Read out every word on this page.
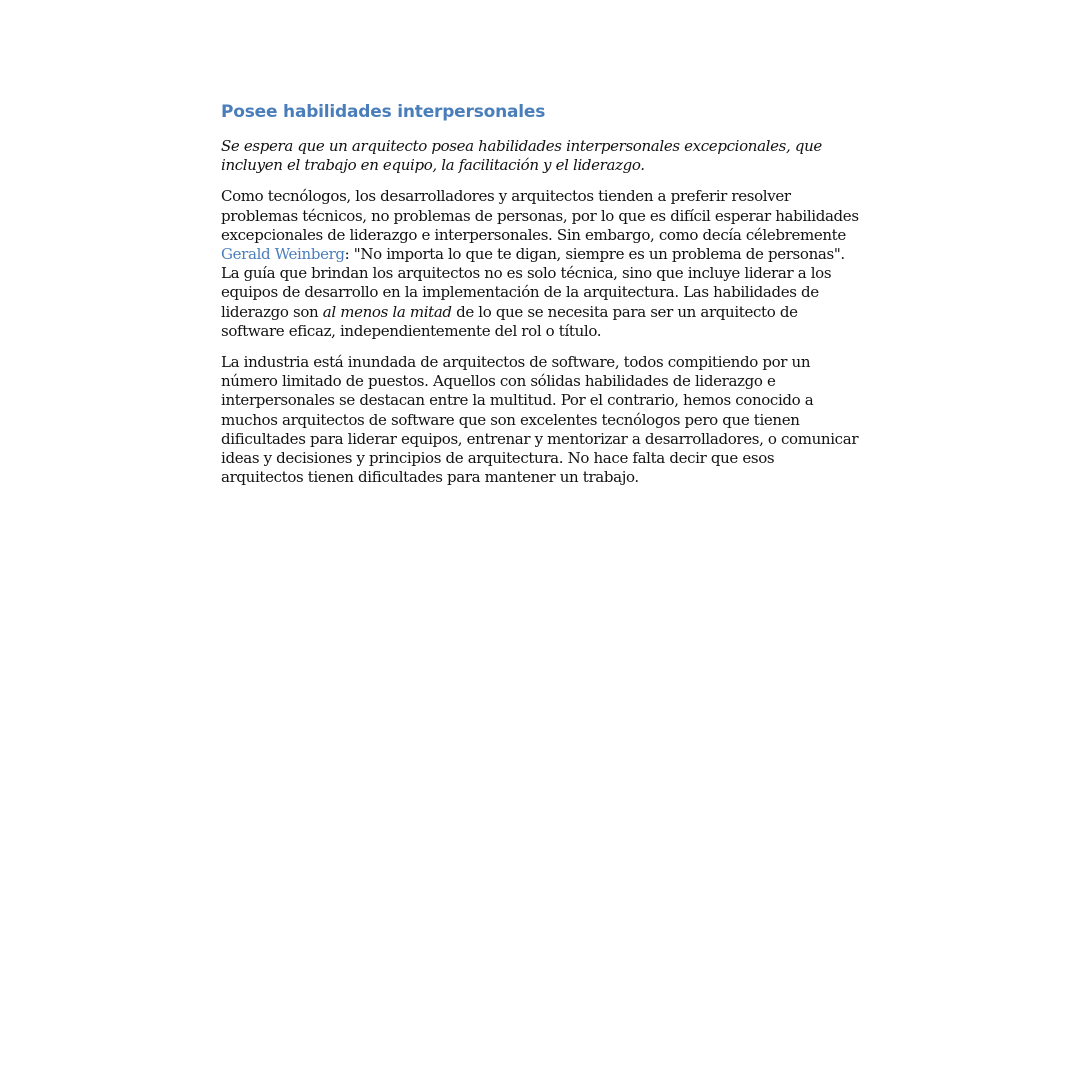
Posee habilidades interpersonales

Se espera que un arquitecto posea habilidades interpersonales excepcionales, que incluyen el trabajo en equipo, la facilitación y el liderazgo.

Como tecnólogos, los desarrolladores y arquitectos tienden a preferir resolver problemas técnicos, no problemas de personas, por lo que es difícil esperar habilidades excepcionales de liderazgo e interpersonales. Sin embargo, como decía célebremente Gerald Weinberg: "No importa lo que te digan, siempre es un problema de personas". La guía que brindan los arquitectos no es solo técnica, sino que incluye liderar a los equipos de desarrollo en la implementación de la arquitectura. Las habilidades de liderazgo son al menos la mitad de lo que se necesita para ser un arquitecto de software eficaz, independientemente del rol o título.

La industria está inundada de arquitectos de software, todos compitiendo por un número limitado de puestos. Aquellos con sólidas habilidades de liderazgo e interpersonales se destacan entre la multitud. Por el contrario, hemos conocido a muchos arquitectos de software que son excelentes tecnólogos pero que tienen dificultades para liderar equipos, entrenar y mentorizar a desarrolladores, o comunicar ideas y decisiones y principios de arquitectura. No hace falta decir que esos arquitectos tienen dificultades para mantener un trabajo.
